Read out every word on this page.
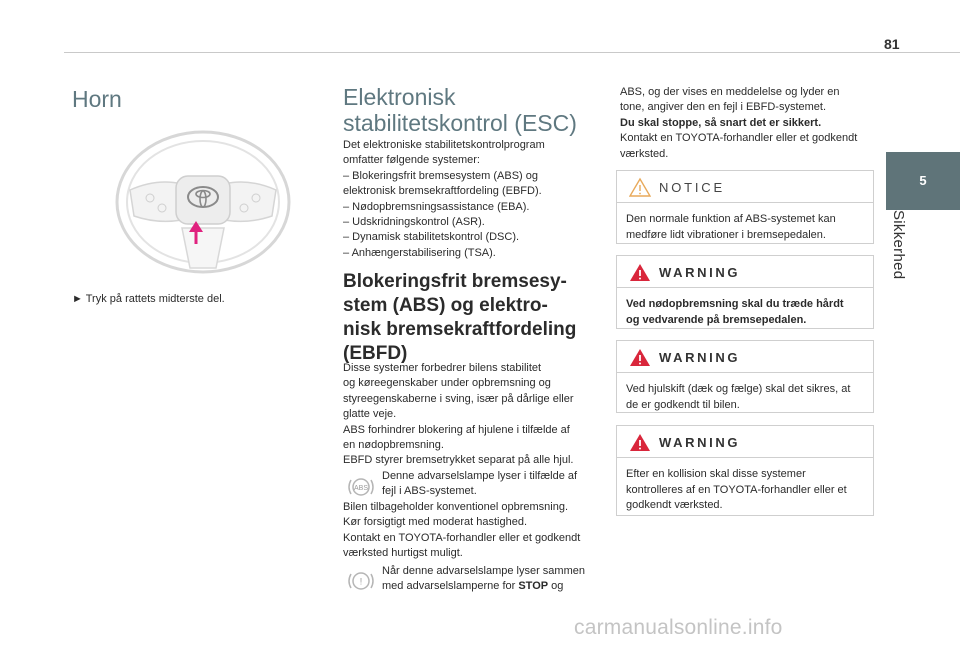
81
5
Sikkerhed
Horn
► Tryk på rattets midterste del.
Elektronisk
stabilitetskontrol (ESC)
Det elektroniske stabilitetskontrolprogram
omfatter følgende systemer:
– Blokeringsfrit bremsesystem (ABS) og
elektronisk bremsekraftfordeling (EBFD).
– Nødopbremsningsassistance (EBA).
– Udskridningskontrol (ASR).
– Dynamisk stabilitetskontrol (DSC).
– Anhængerstabilisering (TSA).
Blokeringsfrit bremsesy-
stem (ABS) og elektro-
nisk bremsekraftfordeling
(EBFD)
Disse systemer forbedrer bilens stabilitet
og køreegenskaber under opbremsning og
styreegenskaberne i sving, især på dårlige eller
glatte veje.
ABS forhindrer blokering af hjulene i tilfælde af
en nødopbremsning.
EBFD styrer bremsetrykket separat på alle hjul.
ABS
Denne advarselslampe lyser i tilfælde af
fejl i ABS-systemet.
Bilen tilbageholder konventionel opbremsning.
Kør forsigtigt med moderat hastighed.
Kontakt en TOYOTA-forhandler eller et godkendt
værksted hurtigst muligt.
!
Når denne advarselslampe lyser sammen
med advarselslamperne for STOP og
ABS, og der vises en meddelelse og lyder en
tone, angiver den en fejl i EBFD-systemet.
Du skal stoppe, så snart det er sikkert.
Kontakt en TOYOTA-forhandler eller et godkendt
værksted.
NOTICE
Den normale funktion af ABS-systemet kan
medføre lidt vibrationer i bremsepedalen.
WARNING
Ved nødopbremsning skal du træde hårdt
og vedvarende på bremsepedalen.
WARNING
Ved hjulskift (dæk og fælge) skal det sikres, at
de er godkendt til bilen.
WARNING
Efter en kollision skal disse systemer
kontrolleres af en TOYOTA-forhandler eller et
godkendt værksted.
carmanualsonline.info
